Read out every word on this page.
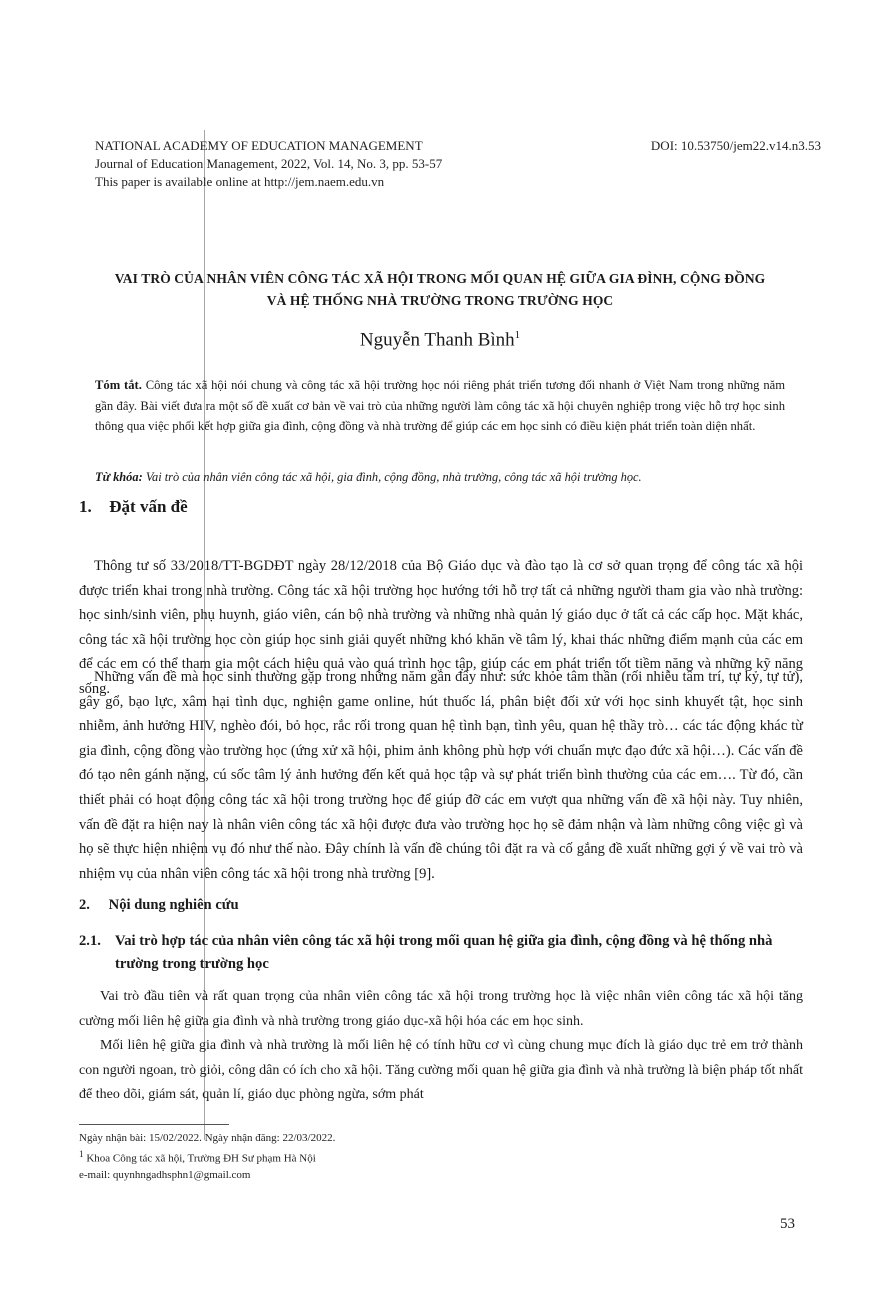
NATIONAL ACADEMY OF EDUCATION MANAGEMENT
Journal of Education Management, 2022, Vol. 14, No. 3, pp. 53-57
This paper is available online at http://jem.naem.edu.vn
DOI: 10.53750/jem22.v14.n3.53
VAI TRÒ CỦA NHÂN VIÊN CÔNG TÁC XÃ HỘI TRONG MỐI QUAN HỆ GIỮA GIA ĐÌNH, CỘNG ĐỒNG
VÀ HỆ THỐNG NHÀ TRƯỜNG TRONG TRƯỜNG HỌC
Nguyễn Thanh Bình$^1$
Tóm tắt. Công tác xã hội nói chung và công tác xã hội trường học nói riêng phát triển tương đối nhanh ở Việt Nam trong những năm gần đây. Bài viết đưa ra một số đề xuất cơ bản về vai trò của những người làm công tác xã hội chuyên nghiệp trong việc hỗ trợ học sinh thông qua việc phối kết hợp giữa gia đình, cộng đồng và nhà trường để giúp các em học sinh có điều kiện phát triển toàn diện nhất.
Từ khóa: Vai trò của nhân viên công tác xã hội, gia đình, cộng đồng, nhà trường, công tác xã hội trường học.
1. Đặt vấn đề
Thông tư số 33/2018/TT-BGDĐT ngày 28/12/2018 của Bộ Giáo dục và đào tạo là cơ sở quan trọng để công tác xã hội được triển khai trong nhà trường. Công tác xã hội trường học hướng tới hỗ trợ tất cả những người tham gia vào nhà trường: học sinh/sinh viên, phụ huynh, giáo viên, cán bộ nhà trường và những nhà quản lý giáo dục ở tất cả các cấp học. Mặt khác, công tác xã hội trường học còn giúp học sinh giải quyết những khó khăn về tâm lý, khai thác những điểm mạnh của các em để các em có thể tham gia một cách hiệu quả vào quá trình học tập, giúp các em phát triển tốt tiềm năng và những kỹ năng sống.
Những vấn đề mà học sinh thường gặp trong những năm gần đây như: sức khỏe tâm thần (rối nhiễu tâm trí, tự kỷ, tự tử), gây gổ, bạo lực, xâm hại tình dục, nghiện game online, hút thuốc lá, phân biệt đối xử với học sinh khuyết tật, học sinh nhiễm, ảnh hưởng HIV, nghèo đói, bỏ học, rắc rối trong quan hệ tình bạn, tình yêu, quan hệ thầy trò… các tác động khác từ gia đình, cộng đồng vào trường học (ứng xử xã hội, phim ảnh không phù hợp với chuẩn mực đạo đức xã hội…). Các vấn đề đó tạo nên gánh nặng, cú sốc tâm lý ảnh hưởng đến kết quả học tập và sự phát triển bình thường của các em…. Từ đó, cần thiết phải có hoạt động công tác xã hội trong trường học để giúp đỡ các em vượt qua những vấn đề xã hội này. Tuy nhiên, vấn đề đặt ra hiện nay là nhân viên công tác xã hội được đưa vào trường học họ sẽ đảm nhận và làm những công việc gì và họ sẽ thực hiện nhiệm vụ đó như thế nào. Đây chính là vấn đề chúng tôi đặt ra và cố gắng đề xuất những gợi ý về vai trò và nhiệm vụ của nhân viên công tác xã hội trong nhà trường [9].
2. Nội dung nghiên cứu
2.1. Vai trò hợp tác của nhân viên công tác xã hội trong mối quan hệ giữa gia đình, cộng đồng và hệ thống nhà trường trong trường học
Vai trò đầu tiên và rất quan trọng của nhân viên công tác xã hội trong trường học là việc nhân viên công tác xã hội tăng cường mối liên hệ giữa gia đình và nhà trường trong giáo dục-xã hội hóa các em học sinh.
Mối liên hệ giữa gia đình và nhà trường là mối liên hệ có tính hữu cơ vì cùng chung mục đích là giáo dục trẻ em trở thành con người ngoan, trò giỏi, công dân có ích cho xã hội. Tăng cường mối quan hệ giữa gia đình và nhà trường là biện pháp tốt nhất để theo dõi, giám sát, quản lí, giáo dục phòng ngừa, sớm phát
Ngày nhận bài: 15/02/2022. Ngày nhận đăng: 22/03/2022.
$^1$ Khoa Công tác xã hội, Trường ĐH Sư phạm Hà Nội
e-mail: quynhngadhsphn1@gmail.com
53
